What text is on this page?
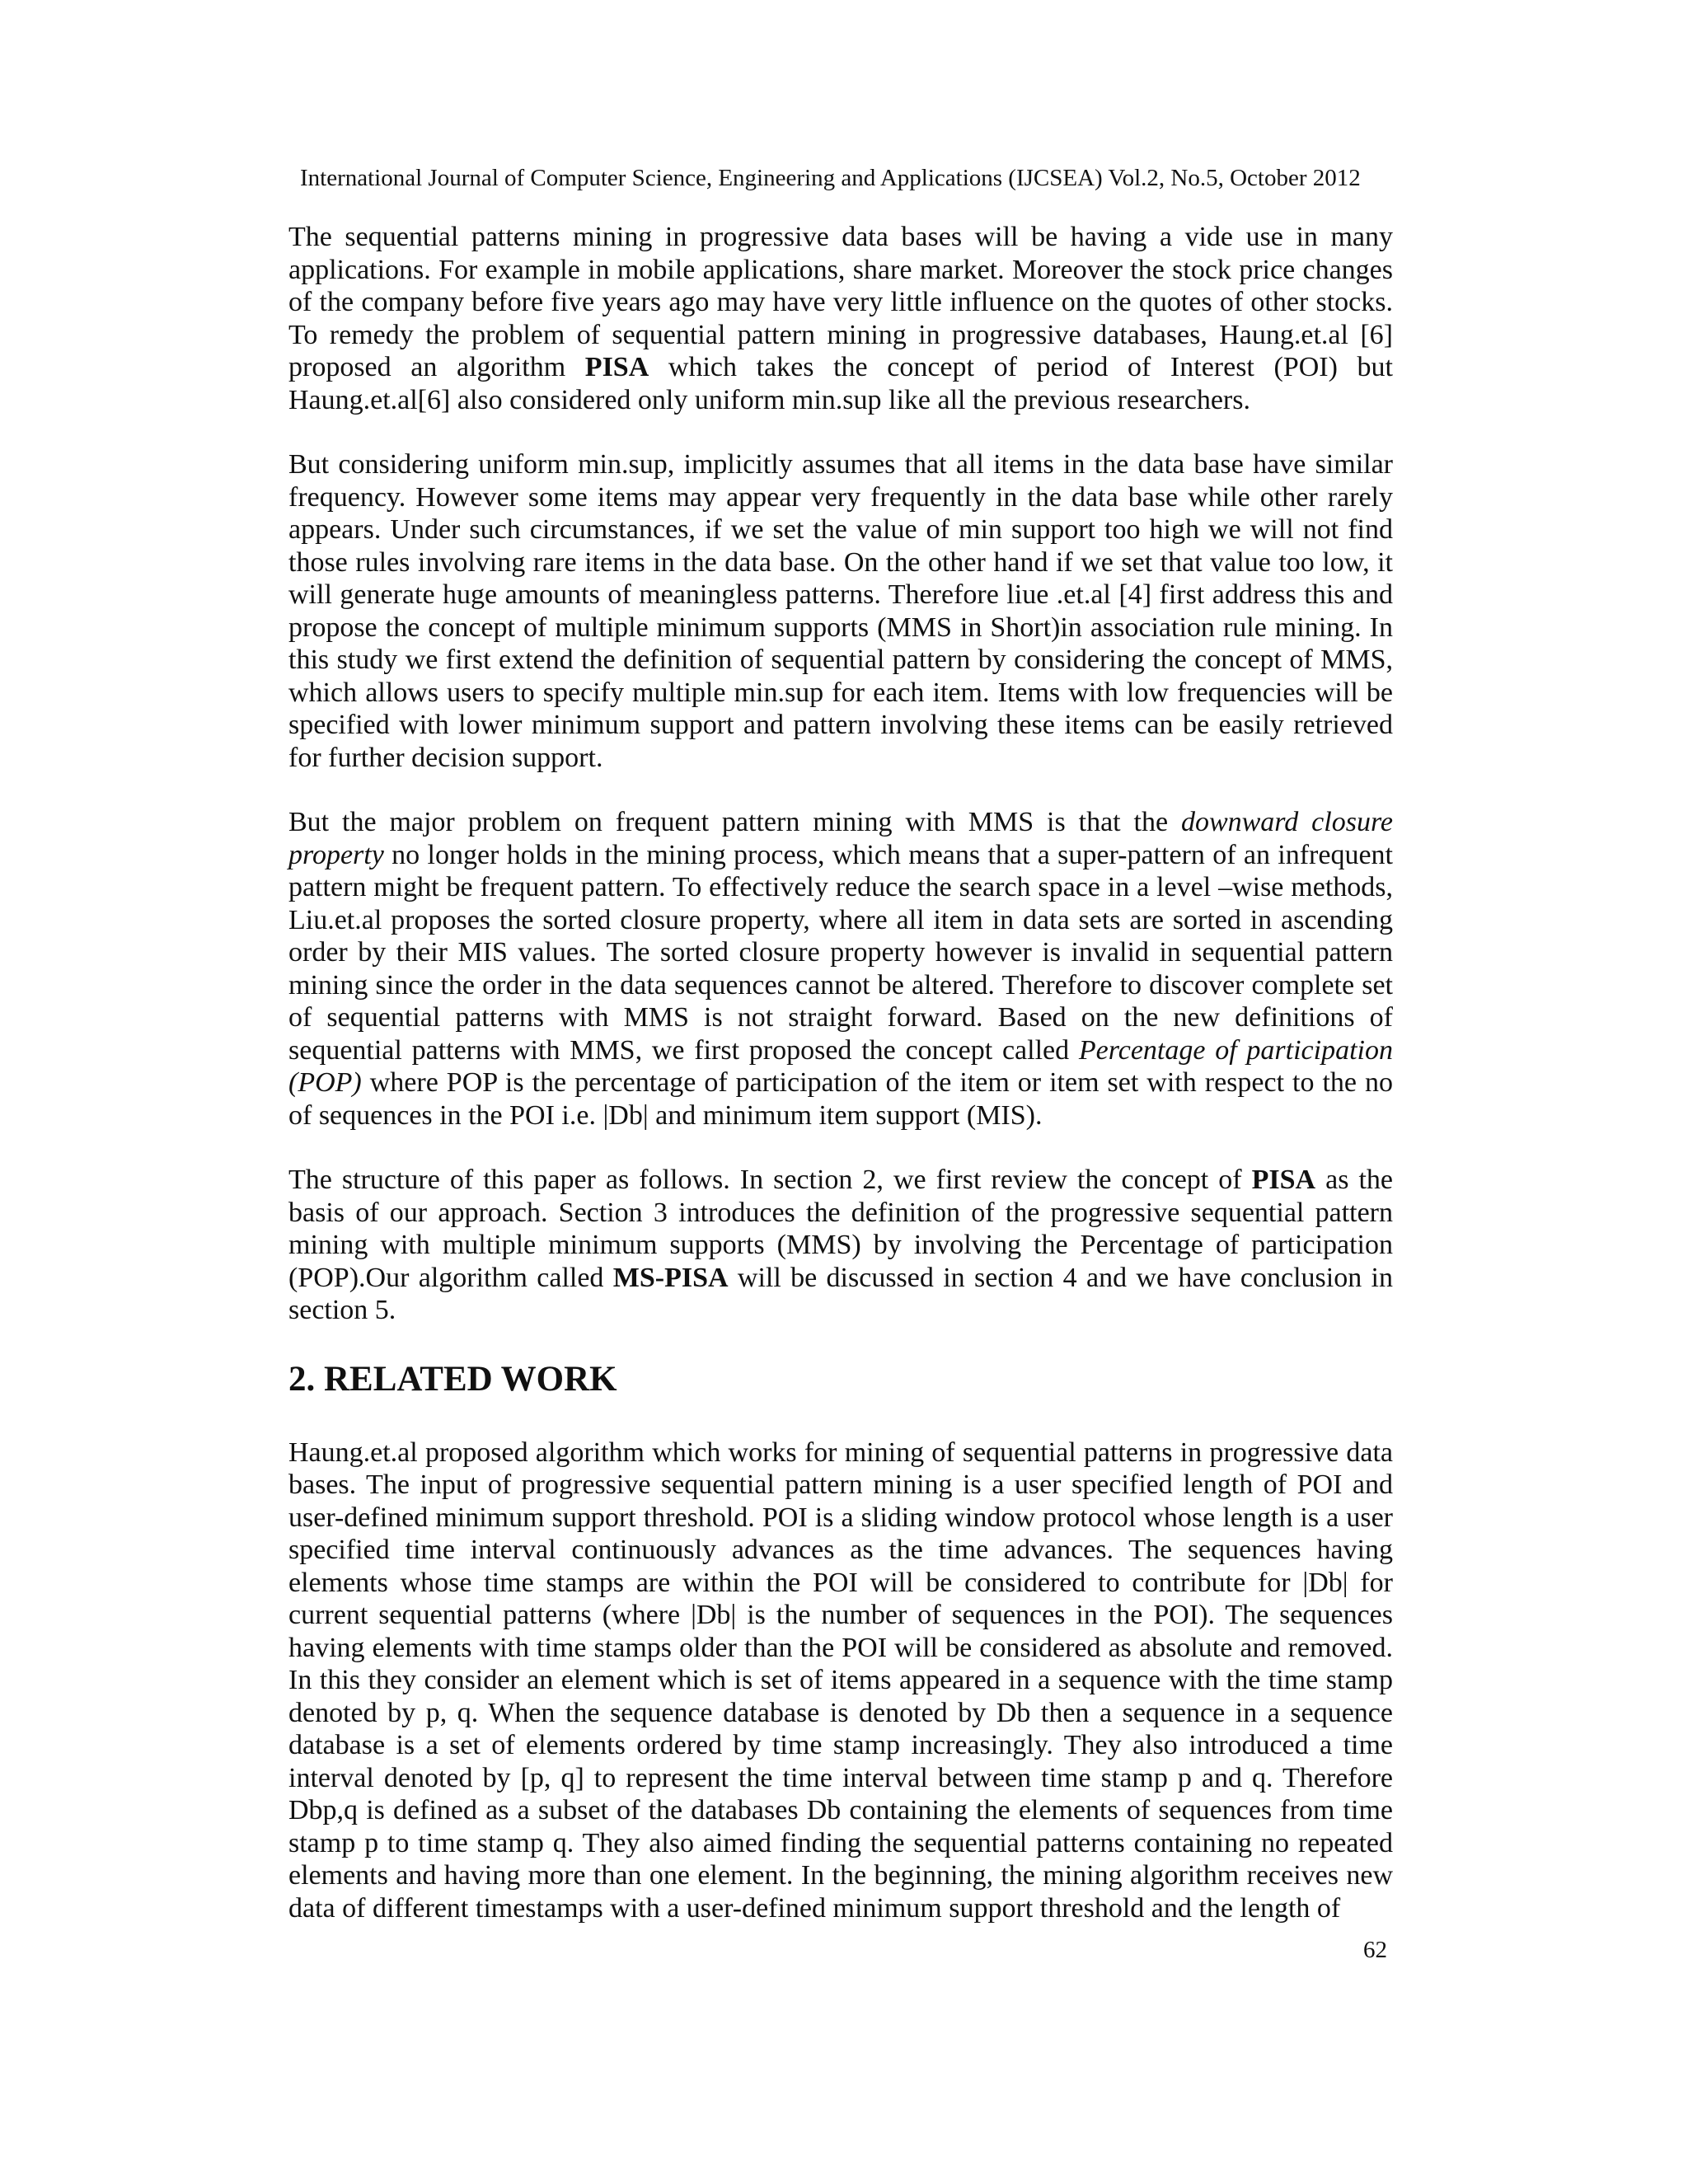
International Journal of Computer Science, Engineering and Applications (IJCSEA) Vol.2, No.5, October 2012

The sequential patterns mining in progressive data bases will be having a vide use in many applications. For example in mobile applications, share market. Moreover the stock price changes of the company before five years ago may have very little influence on the quotes of other stocks. To remedy the problem of sequential pattern mining in progressive databases, Haung.et.al [6] proposed an algorithm PISA which takes the concept of period of Interest (POI) but Haung.et.al[6] also considered only uniform min.sup like all the previous researchers.

But considering uniform min.sup, implicitly assumes that all items in the data base have similar frequency. However some items may appear very frequently in the data base while other rarely appears. Under such circumstances, if we set the value of min support too high we will not find those rules involving rare items in the data base. On the other hand if we set that value too low, it will generate huge amounts of meaningless patterns. Therefore liue .et.al [4] first address this and propose the concept of multiple minimum supports (MMS in Short)in association rule mining. In this study we first extend the definition of sequential pattern by considering the concept of MMS, which allows users to specify multiple min.sup for each item. Items with low frequencies will be specified with lower minimum support and pattern involving these items can be easily retrieved for further decision support.

But the major problem on frequent pattern mining with MMS is that the downward closure property no longer holds in the mining process, which means that a super-pattern of an infrequent pattern might be frequent pattern. To effectively reduce the search space in a level –wise methods, Liu.et.al proposes the sorted closure property, where all item in data sets are sorted in ascending order by their MIS values. The sorted closure property however is invalid in sequential pattern mining since the order in the data sequences cannot be altered. Therefore to discover complete set of sequential patterns with MMS is not straight forward. Based on the new definitions of sequential patterns with MMS, we first proposed the concept called Percentage of participation (POP) where POP is the percentage of participation of the item or item set with respect to the no of sequences in the POI i.e. |Db| and minimum item support (MIS).

The structure of this paper as follows. In section 2, we first review the concept of PISA as the basis of our approach. Section 3 introduces the definition of the progressive sequential pattern mining with multiple minimum supports (MMS) by involving the Percentage of participation (POP).Our algorithm called MS-PISA will be discussed in section 4 and we have conclusion in section 5.

2. RELATED WORK

Haung.et.al proposed algorithm which works for mining of sequential patterns in progressive data bases. The input of progressive sequential pattern mining is a user specified length of POI and user-defined minimum support threshold. POI is a sliding window protocol whose length is a user specified time interval continuously advances as the time advances. The sequences having elements whose time stamps are within the POI will be considered to contribute for |Db| for current sequential patterns (where |Db| is the number of sequences in the POI). The sequences having elements with time stamps older than the POI will be considered as absolute and removed. In this they consider an element which is set of items appeared in a sequence with the time stamp denoted by p, q. When the sequence database is denoted by Db then a sequence in a sequence database is a set of elements ordered by time stamp increasingly. They also introduced a time interval denoted by [p, q] to represent the time interval between time stamp p and q. Therefore Dbp,q is defined as a subset of the databases Db containing the elements of sequences from time stamp p to time stamp q. They also aimed finding the sequential patterns containing no repeated elements and having more than one element. In the beginning, the mining algorithm receives new data of different timestamps with a user-defined minimum support threshold and the length of

62
